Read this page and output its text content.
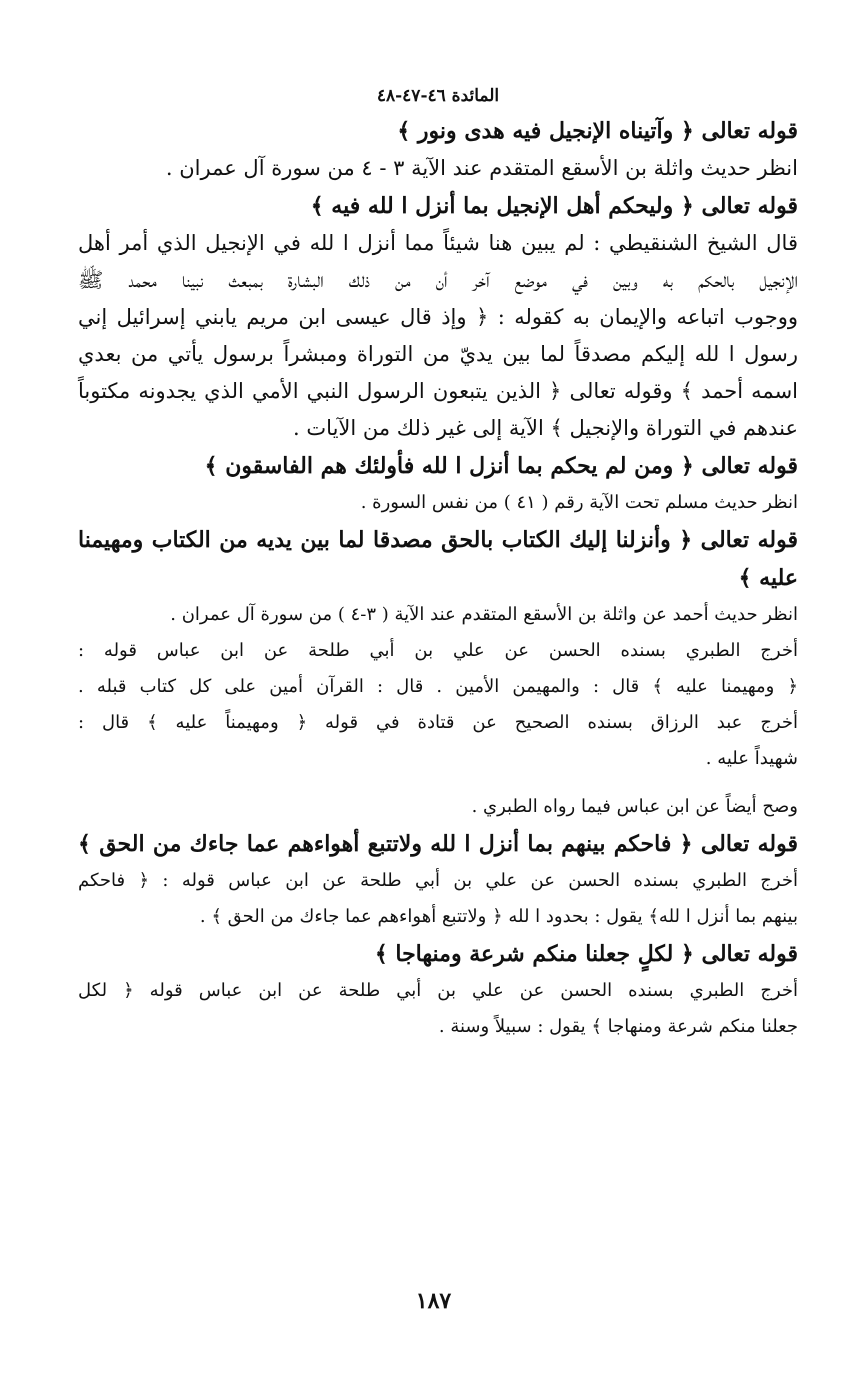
المائدة ٤٦-٤٧-٤٨
قوله تعالى ﴿ وآتيناه الإنجيل فيه هدى ونور ﴾
انظر حديث واثلة بن الأسقع المتقدم عند الآية ٣ - ٤ من سورة آل عمران .
قوله تعالى ﴿ وليحكم أهل الإنجيل بما أنزل ا لله فيه ﴾
قال الشيخ الشنقيطي : لم يبين هنا شيئاً مما أنزل ا لله في الإنجيل الذي أمر أهل
الإنجيل بالحكم به وبين في موضع آخر أن من ذلك البشارة بمبعث نبينا محمد ﷺ
ووجوب اتباعه والإيمان به كقوله : ﴿ وإذ قال عيسى ابن مريم يابني إسرائيل إني
رسول ا لله إليكم مصدقاً لما بين يديّ من التوراة ومبشراً برسول يأتي من بعدي
اسمه أحمد ﴾ وقوله تعالى ﴿ الذين يتبعون الرسول النبي الأمي الذي يجدونه مكتوباً
عندهم في التوراة والإنجيل ﴾ الآية إلى غير ذلك من الآيات .
قوله تعالى ﴿ ومن لم يحكم بما أنزل ا لله فأولئك هم الفاسقون ﴾
انظر حديث مسلم تحت الآية رقم ( ٤١ ) من نفس السورة .
قوله تعالى ﴿ وأنزلنا إليك الكتاب بالحق مصدقا لما بين يديه من الكتاب ومهيمنا
عليه ﴾
انظر حديث أحمد عن واثلة بن الأسقع المتقدم عند الآية ( ٣-٤ ) من سورة آل عمران .
أخرج الطبري بسنده الحسن عن علي بن أبي طلحة عن ابن عباس قوله :
﴿ ومهيمنا عليه ﴾ قال : والمهيمن الأمين . قال : القرآن أمين على كل كتاب قبله .
أخرج عبد الرزاق بسنده الصحيح عن قتادة في قوله ﴿ ومهيمناً عليه ﴾ قال :
شهيداً عليه .
وصح أيضاً عن ابن عباس فيما رواه الطبري .
قوله تعالى ﴿ فاحكم بينهم بما أنزل ا لله ولاتتبع أهواءهم عما جاءك من الحق ﴾
أخرج الطبري بسنده الحسن عن علي بن أبي طلحة عن ابن عباس قوله : ﴿ فاحكم
بينهم بما أنزل ا لله﴾ يقول : بحدود ا لله ﴿ ولاتتبع أهواءهم عما جاءك من الحق ﴾ .
قوله تعالى ﴿ لكلٍ جعلنا منكم شرعة ومنهاجا ﴾
أخرج الطبري بسنده الحسن عن علي بن أبي طلحة عن ابن عباس قوله ﴿ لكل
جعلنا منكم شرعة ومنهاجا ﴾ يقول : سبيلاً وسنة .
١٨٧
